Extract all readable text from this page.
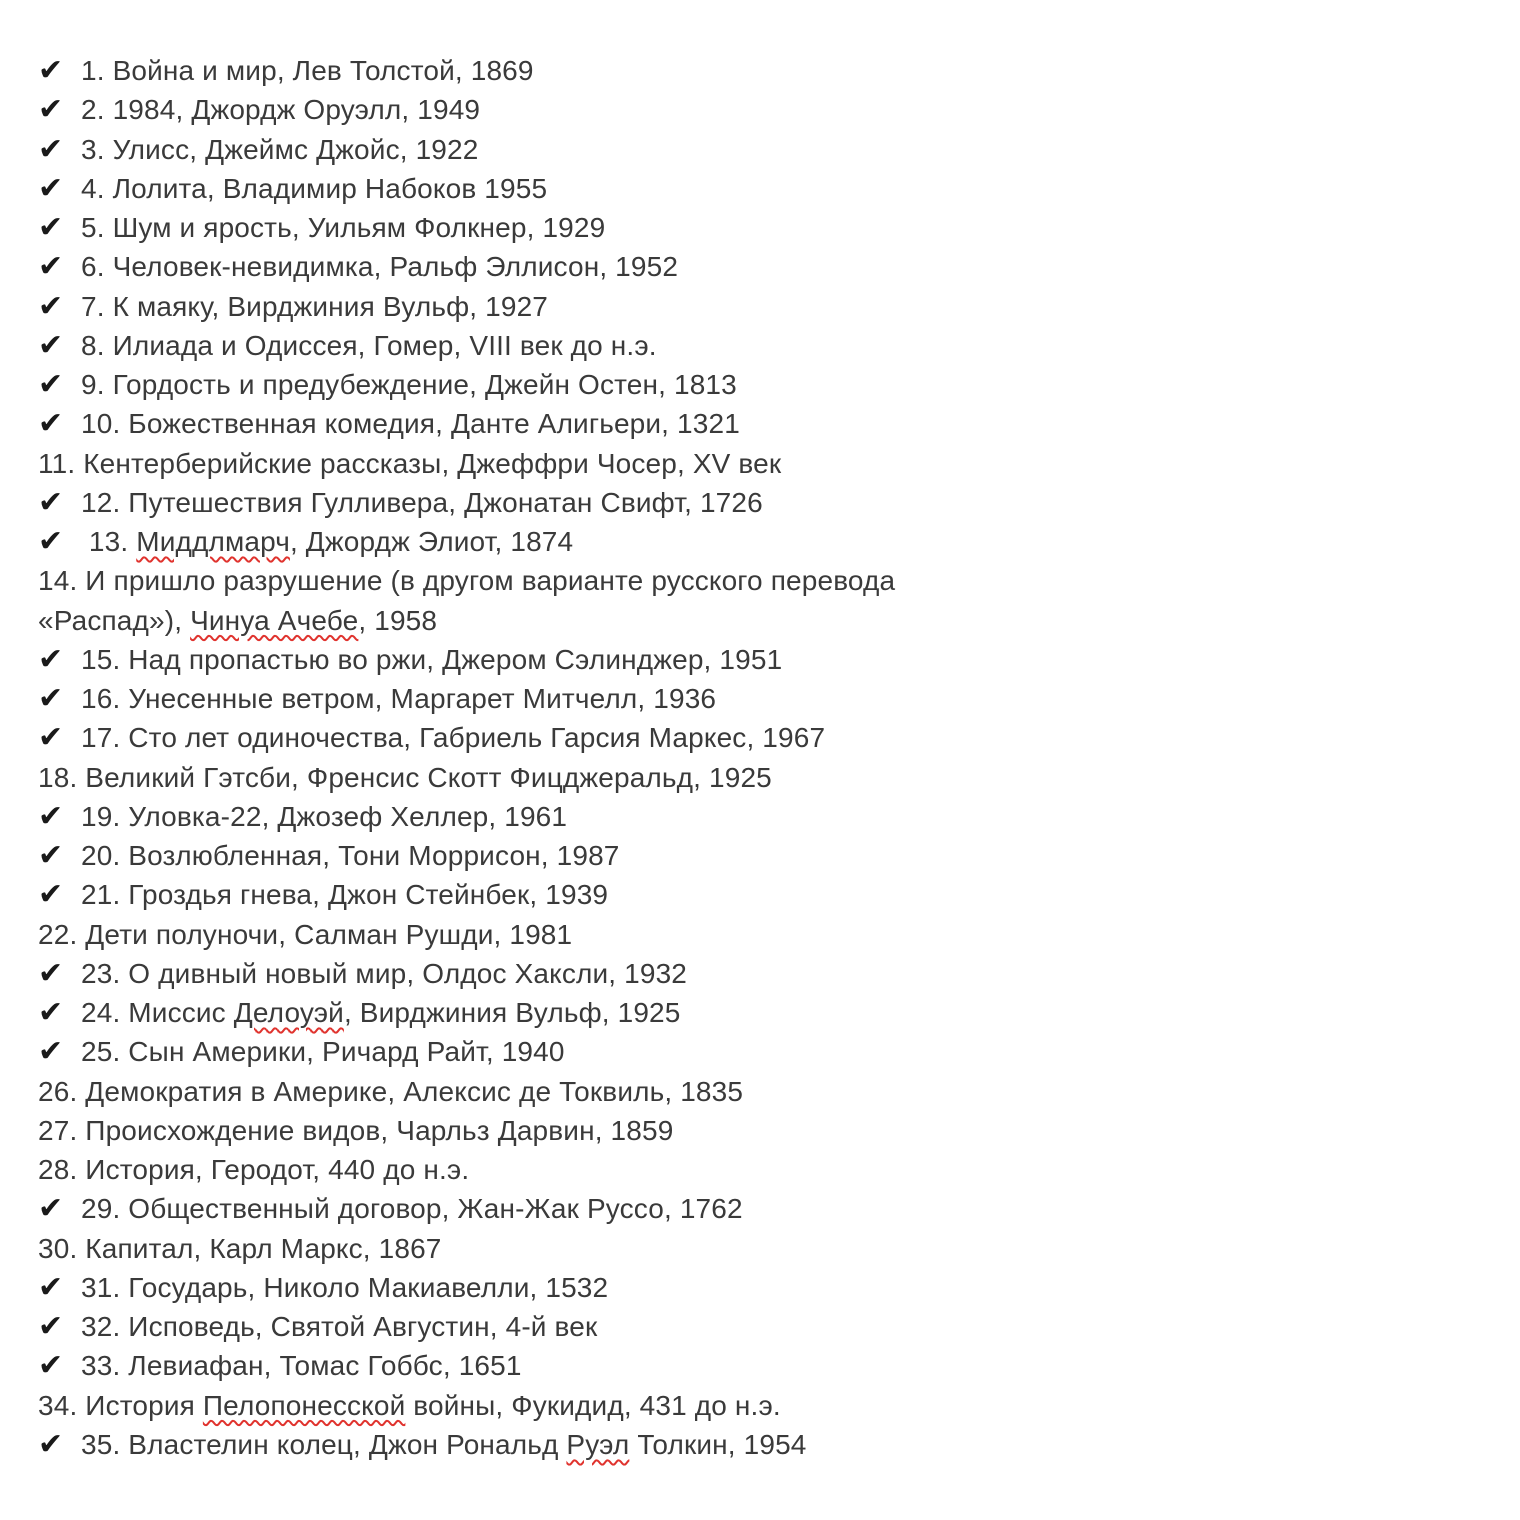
✔ 1. Война и мир, Лев Толстой, 1869
✔ 2. 1984, Джордж Оруэлл, 1949
✔ 3. Улисс, Джеймс Джойс, 1922
✔ 4. Лолита, Владимир Набоков 1955
✔ 5. Шум и ярость, Уильям Фолкнер, 1929
✔ 6. Человек-невидимка, Ральф Эллисон, 1952
✔ 7. К маяку, Вирджиния Вульф, 1927
✔ 8. Илиада и Одиссея, Гомер, VIII век до н.э.
✔ 9. Гордость и предубеждение, Джейн Остен, 1813
✔ 10. Божественная комедия, Данте Алигьери, 1321
11. Кентерберийские рассказы, Джеффри Чосер, XV век
✔ 12. Путешествия Гулливера, Джонатан Свифт, 1726
✔ 13. Миддлмарч, Джордж Элиот, 1874
14. И пришло разрушение (в другом варианте русского перевода
«Распад»), Чинуа Ачебе, 1958
✔ 15. Над пропастью во ржи, Джером Сэлинджер, 1951
✔ 16. Унесенные ветром, Маргарет Митчелл, 1936
✔ 17. Сто лет одиночества, Габриель Гарсия Маркес, 1967
18. Великий Гэтсби, Френсис Скотт Фицджеральд, 1925
✔ 19. Уловка-22, Джозеф Хеллер, 1961
✔ 20. Возлюбленная, Тони Моррисон, 1987
✔ 21. Гроздья гнева, Джон Стейнбек, 1939
22. Дети полуночи, Салман Рушди, 1981
✔ 23. О дивный новый мир, Олдос Хаксли, 1932
✔ 24. Миссис Делоуэй, Вирджиния Вульф, 1925
✔ 25. Сын Америки, Ричард Райт, 1940
26. Демократия в Америке, Алексис де Токвиль, 1835
27. Происхождение видов, Чарльз Дарвин, 1859
28. История, Геродот, 440 до н.э.
✔ 29. Общественный договор, Жан-Жак Руссо, 1762
30. Капитал, Карл Маркс, 1867
✔ 31. Государь, Николо Макиавелли, 1532
✔ 32. Исповедь, Святой Августин, 4-й век
✔ 33. Левиафан, Томас Гоббс, 1651
34. История Пелопонесской войны, Фукидид, 431 до н.э.
✔ 35. Властелин колец, Джон Рональд Руэл Толкин, 1954
